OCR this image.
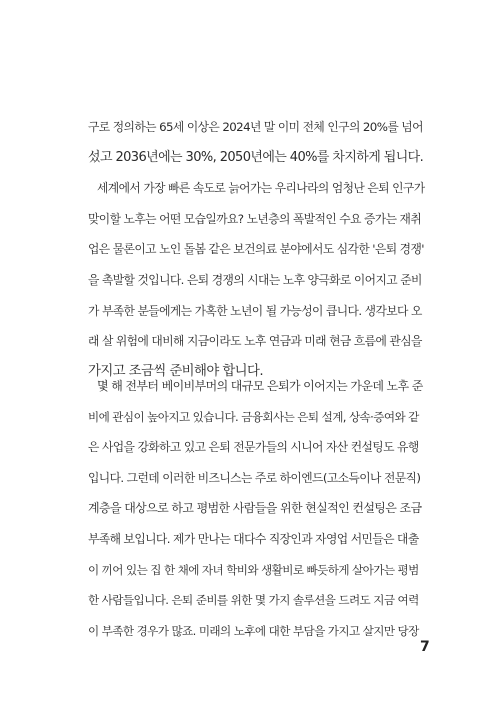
구로 정의하는 65세 이상은 2024년 말 이미 전체 인구의 20%를 넘어
섰고 2036년에는 30%, 2050년에는 40%를 차지하게 됩니다.
세계에서 가장 빠른 속도로 늙어가는 우리나라의 엄청난 은퇴 인구가
맞이할 노후는 어떤 모습일까요? 노년층의 폭발적인 수요 증가는 재취
업은 물론이고 노인 돌봄 같은 보건의료 분야에서도 심각한 '은퇴 경쟁'
을 촉발할 것입니다. 은퇴 경쟁의 시대는 노후 양극화로 이어지고 준비
가 부족한 분들에게는 가혹한 노년이 될 가능성이 큽니다. 생각보다 오
래 살 위험에 대비해 지금이라도 노후 연금과 미래 현금 흐름에 관심을
가지고 조금씩 준비해야 합니다.
몇 해 전부터 베이비부머의 대규모 은퇴가 이어지는 가운데 노후 준
비에 관심이 높아지고 있습니다. 금융회사는 은퇴 설계, 상속·증여와 같
은 사업을 강화하고 있고 은퇴 전문가들의 시니어 자산 컨설팅도 유행
입니다. 그런데 이러한 비즈니스는 주로 하이엔드(고소득이나 전문직)
계층을 대상으로 하고 평범한 사람들을 위한 현실적인 컨설팅은 조금
부족해 보입니다. 제가 만나는 대다수 직장인과 자영업 서민들은 대출
이 끼어 있는 집 한 채에 자녀 학비와 생활비로 빠듯하게 살아가는 평범
한 사람들입니다. 은퇴 준비를 위한 몇 가지 솔루션을 드려도 지금 여력
이 부족한 경우가 많죠. 미래의 노후에 대한 부담을 가지고 살지만 당장
7
